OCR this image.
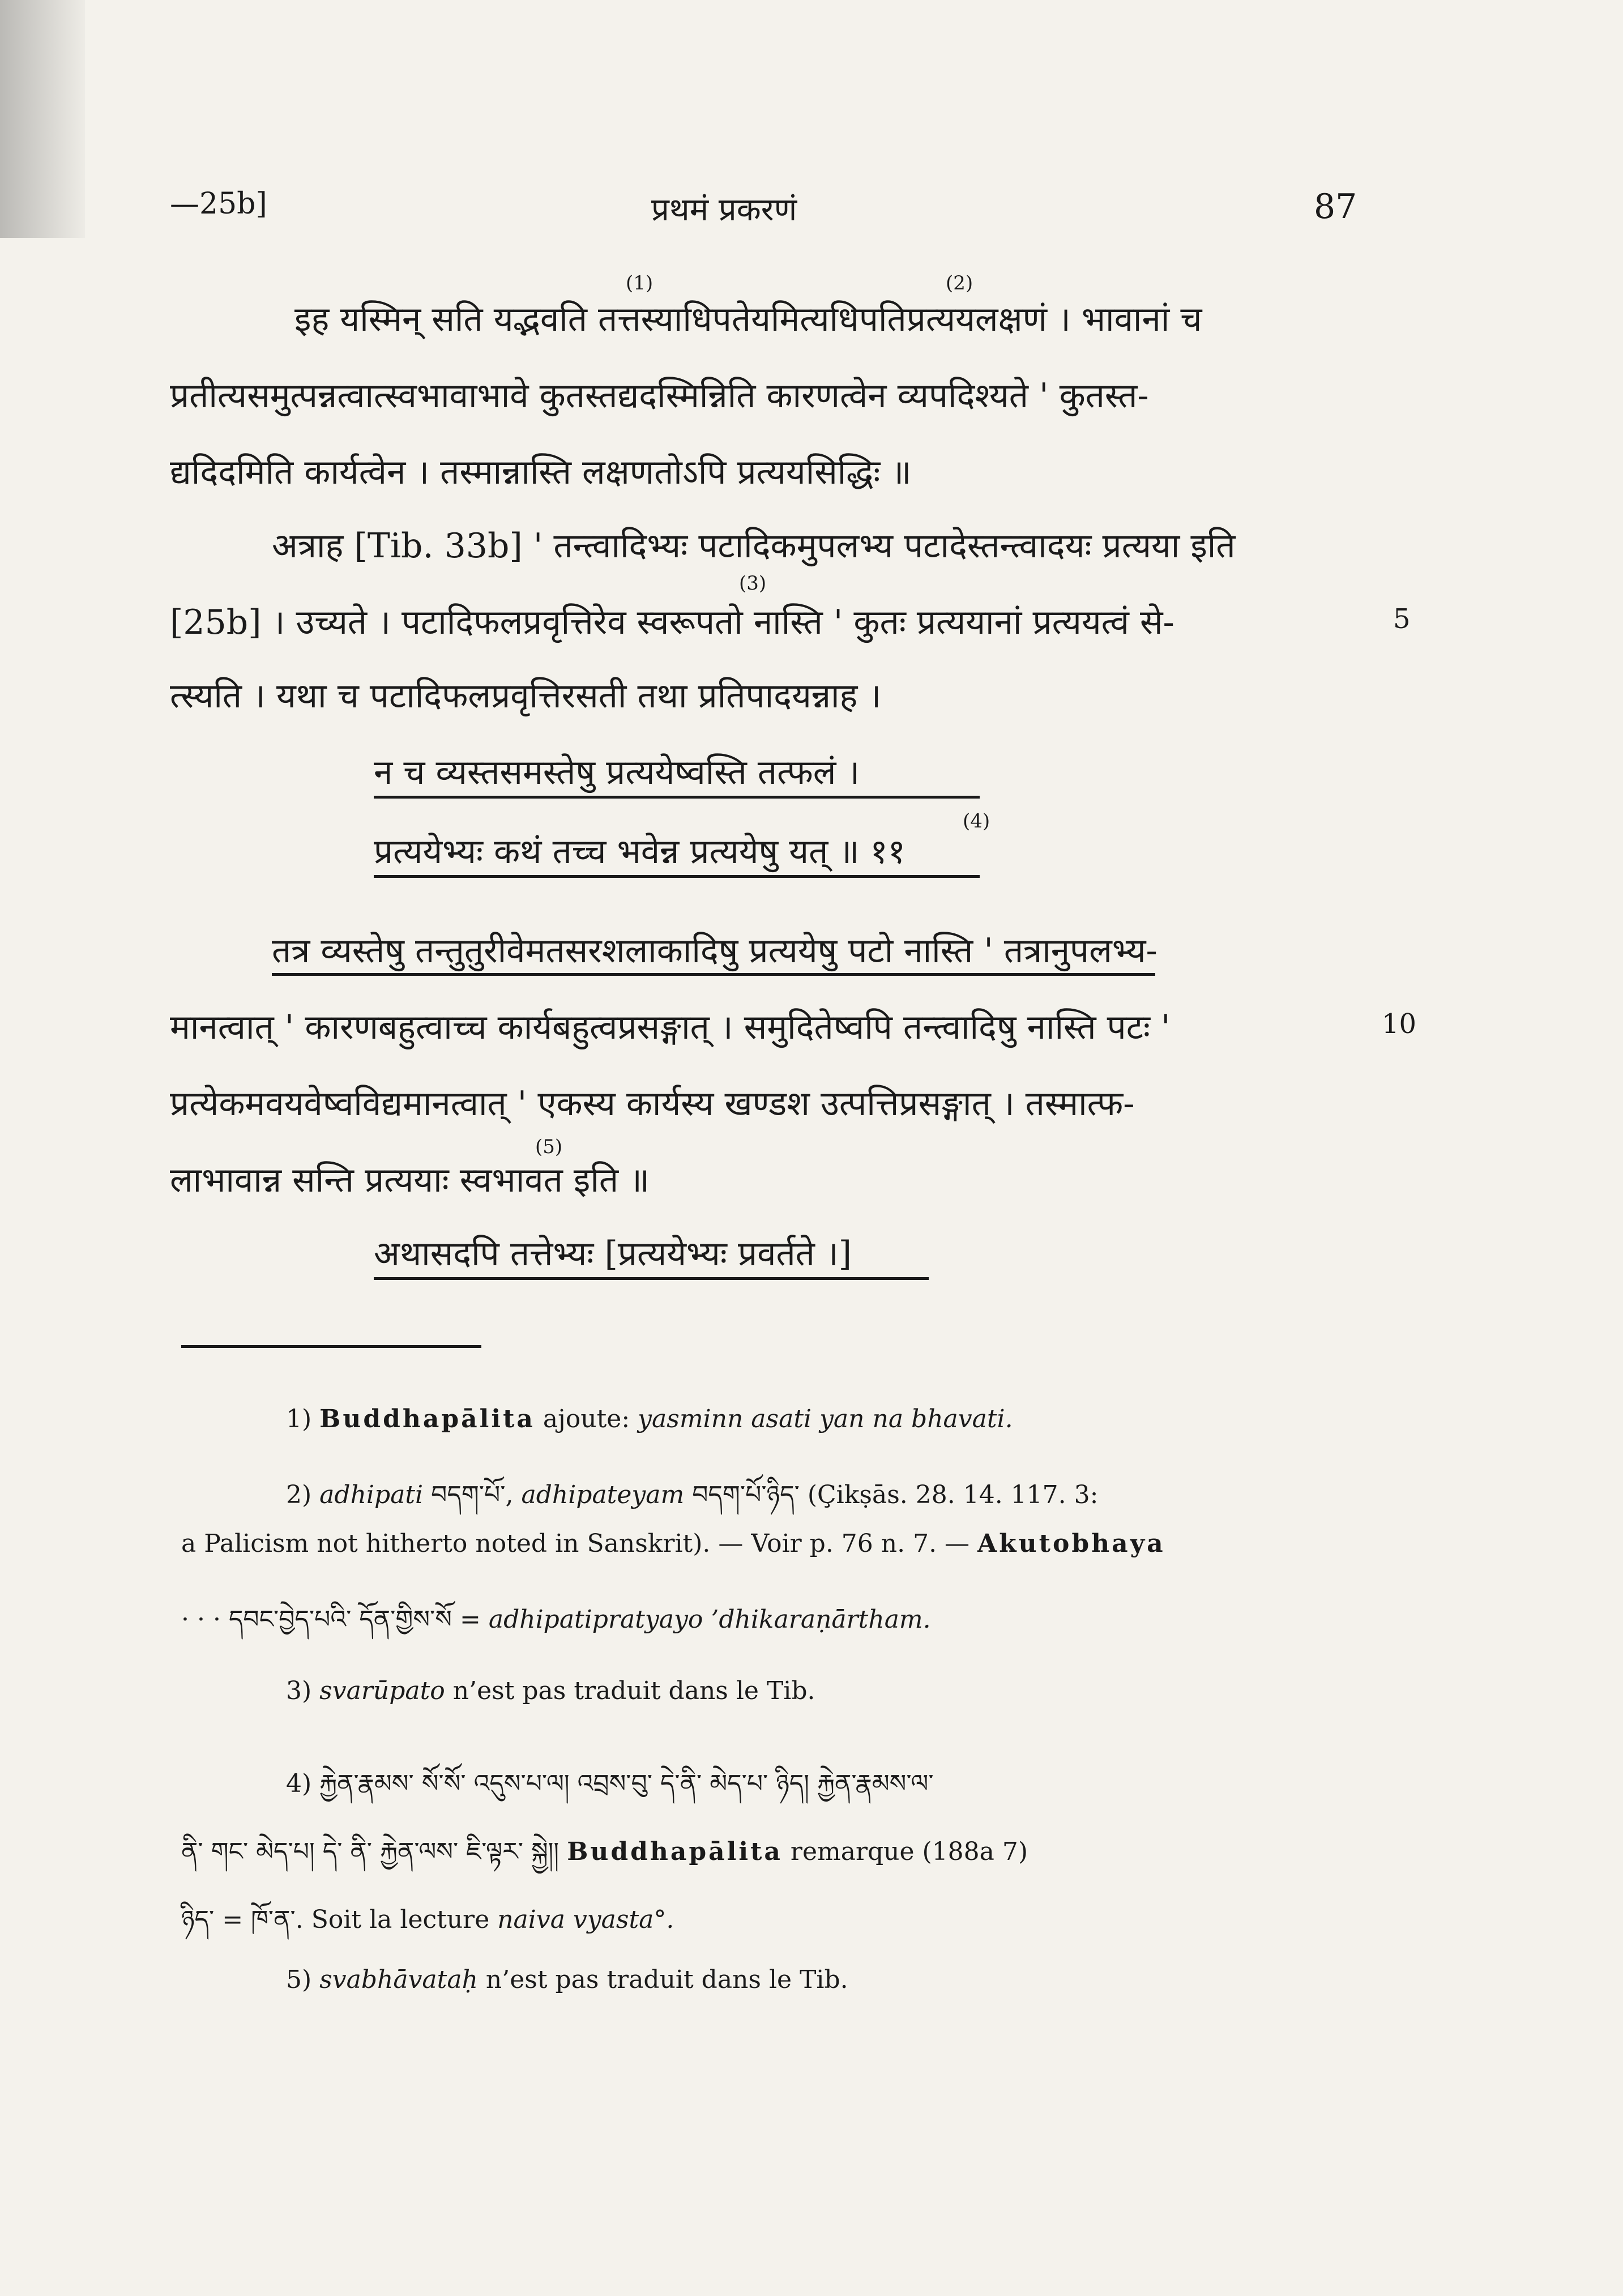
—25b]	प्रथमं प्रकरणं	87
(1)	(2)
(3)
(4)
(5)
इह यस्मिन् सति यद्भवति तत्तस्याधिपतेयमित्यधिपतिप्रत्ययलक्षणं । भावानां च
प्रतीत्यसमुत्पन्नत्वात्स्वभावाभावे कुतस्तद्यदस्मिन्निति कारणत्वेन व्यपदिश्यते ' कुतस्त-
द्यदिदमिति कार्यत्वेन । तस्मान्नास्ति लक्षणतोऽपि प्रत्ययसिद्धिः ॥
अत्राह [Tib. 33b] ' तन्त्वादिभ्यः पटादिकमुपलभ्य पटादेस्तन्त्वादयः प्रत्यया इति
[25b] । उच्यते । पटादिफलप्रवृत्तिरेव स्वरूपतो नास्ति ' कुतः प्रत्ययानां प्रत्ययत्वं से-
त्स्यति । यथा च पटादिफलप्रवृत्तिरसती तथा प्रतिपादयन्नाह ।
5
न च व्यस्तसमस्तेषु प्रत्ययेष्वस्ति तत्फलं ।
प्रत्ययेभ्यः कथं तच्च भवेन्न प्रत्ययेषु यत् ॥ ११
तत्र व्यस्तेषु तन्तुतुरीवेमतसरशलाकादिषु प्रत्ययेषु पटो नास्ति ' तत्रानुपलभ्य-
मानत्वात् ' कारणबहुत्वाच्च कार्यबहुत्वप्रसङ्गात् । समुदितेष्वपि तन्त्वादिषु नास्ति पटः '
प्रत्येकमवयवेष्वविद्यमानत्वात् ' एकस्य कार्यस्य खण्डश उत्पत्तिप्रसङ्गात् । तस्मात्फ-
लाभावान्न सन्ति प्रत्ययाः स्वभावत इति ॥
10
अथासदपि तत्तेभ्यः [प्रत्ययेभ्यः प्रवर्तते ।]
1) Buddhapālita ajoute: yasminn asati yan na bhavati.
2) adhipati བདག་པོ་, adhipateyam བདག་པོ་ཉིད་ (Çikṣās. 28. 14. 117. 3:
a Palicism not hitherto noted in Sanskrit). — Voir p. 76 n. 7. — Akutobhaya
· · · དབང་བྱེད་པའི་ དོན་གྱིས་སོ = adhipatipratyayo ’dhikaraṇārtham.
3) svarūpato n’est pas traduit dans le Tib.
4) རྐྱེན་རྣམས་ སོ་སོ་ འདུས་པ་ལ། འབྲས་བུ་ དེ་ནི་ མེད་པ་ ཉིད། རྐྱེན་རྣམས་ལ་
ནི་ གང་ མེད་པ། དེ་ ནི་ རྐྱེན་ལས་ ཇི་ལྟར་ སྐྱེ།། Buddhapālita remarque (188a 7)
ཉིད་ = ཁོ་ན་. Soit la lecture naiva vyasta°.
5) svabhāvataḥ n’est pas traduit dans le Tib.
